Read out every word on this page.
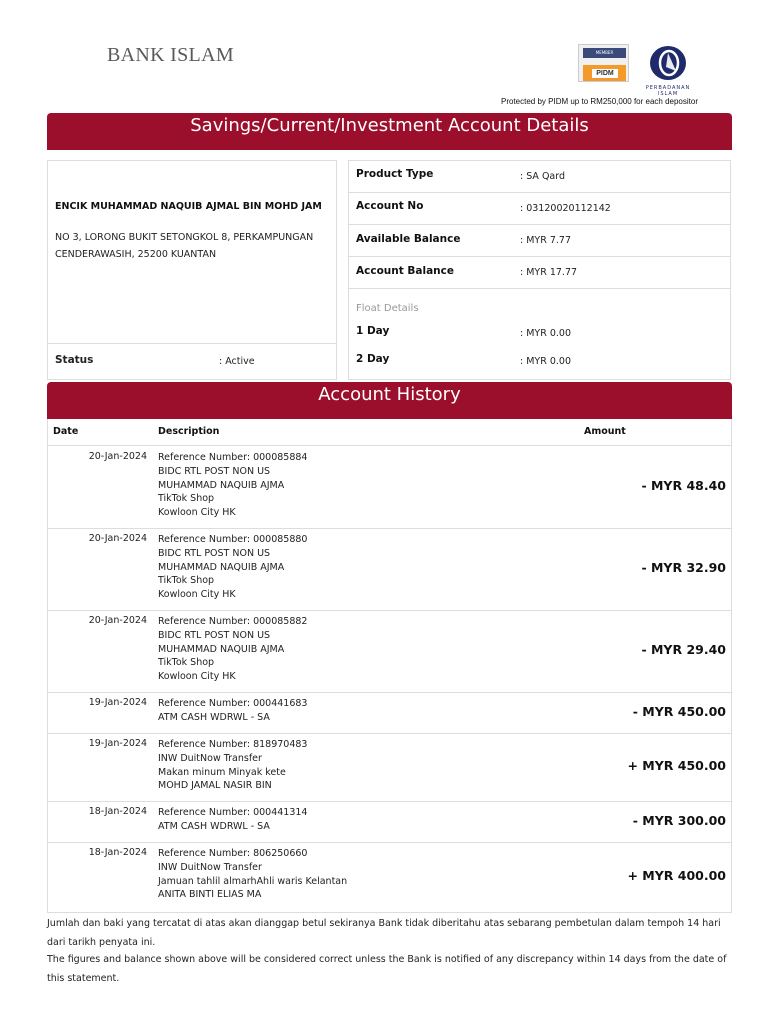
BANK ISLAM	MEMBER
PIDM
PERBADANAN ISLAM
Protected by PIDM up to RM250,000 for each depositor
Savings/Current/Investment Account Details
ENCIK MUHAMMAD NAQUIB AJMAL BIN MOHD JAM
NO 3, LORONG BUKIT SETONGKOL 8, PERKAMPUNGAN
CENDERAWASIH, 25200 KUANTAN
Status	: Active
Product Type	: SA Qard
Account No	: 03120020112142
Available Balance	: MYR 7.77
Account Balance	: MYR 17.77
Float Details
1 Day	: MYR 0.00
2 Day	: MYR 0.00
Account History
Date	Description	Amount
20-Jan-2024 Reference Number: 000085884
BIDC RTL POST NON US
MUHAMMAD NAQUIB AJMA
TikTok Shop
Kowloon City HK
- MYR 48.40
20-Jan-2024 Reference Number: 000085880
BIDC RTL POST NON US
MUHAMMAD NAQUIB AJMA
TikTok Shop
Kowloon City HK
- MYR 32.90
20-Jan-2024 Reference Number: 000085882
BIDC RTL POST NON US
MUHAMMAD NAQUIB AJMA
TikTok Shop
Kowloon City HK
- MYR 29.40
19-Jan-2024 Reference Number: 000441683
ATM CASH WDRWL - SA	- MYR 450.00
19-Jan-2024 Reference Number: 818970483
INW DuitNow Transfer
Makan minum Minyak kete
MOHD JAMAL NASIR BIN
+ MYR 450.00
18-Jan-2024 Reference Number: 000441314
ATM CASH WDRWL - SA	- MYR 300.00
18-Jan-2024 Reference Number: 806250660
INW DuitNow Transfer
Jamuan tahlil almarhAhli waris Kelantan
ANITA BINTI ELIAS MA
+ MYR 400.00
Jumlah dan baki yang tercatat di atas akan dianggap betul sekiranya Bank tidak diberitahu atas sebarang pembetulan dalam tempoh 14 hari
dari tarikh penyata ini.
The figures and balance shown above will be considered correct unless the Bank is notified of any discrepancy within 14 days from the date of
this statement.
